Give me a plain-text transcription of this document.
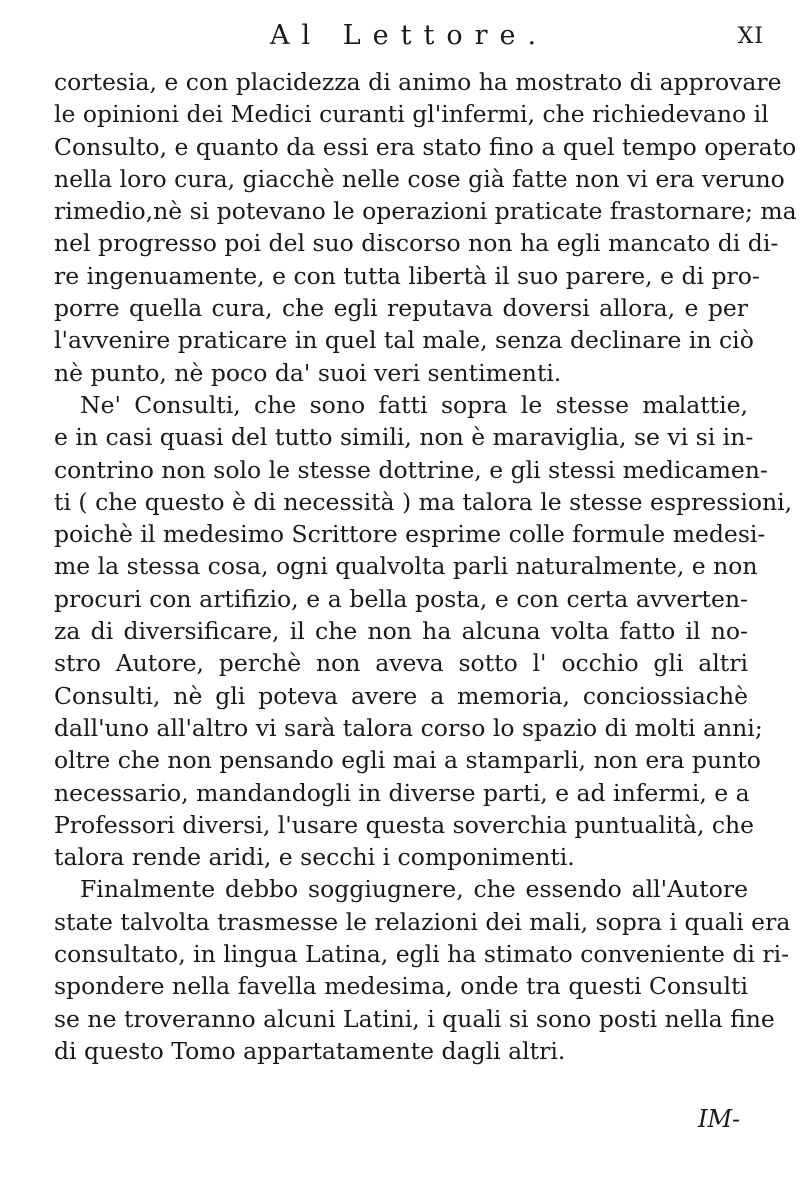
Al Lettore.	XI
cortesia, e con placidezza di animo ha mostrato di approvare
le opinioni dei Medici curanti gl'infermi, che richiedevano il
Consulto, e quanto da essi era stato fino a quel tempo operato
nella loro cura, giacchè nelle cose già fatte non vi era veruno
rimedio,nè si potevano le operazioni praticate frastornare; ma
nel progresso poi del suo discorso non ha egli mancato di di-
re ingenuamente, e con tutta libertà il suo parere, e di pro-
porre quella cura, che egli reputava doversi allora, e per
l'avvenire praticare in quel tal male, senza declinare in ciò
nè punto, nè poco da' suoi veri sentimenti.
Ne' Consulti, che sono fatti sopra le stesse malattie,
e in casi quasi del tutto simili, non è maraviglia, se vi si in-
contrino non solo le stesse dottrine, e gli stessi medicamen-
ti ( che questo è di necessità ) ma talora le stesse espressioni,
poichè il medesimo Scrittore esprime colle formule medesi-
me la stessa cosa, ogni qualvolta parli naturalmente, e non
procuri con artifizio, e a bella posta, e con certa avverten-
za di diversificare, il che non ha alcuna volta fatto il no-
stro Autore, perchè non aveva sotto l' occhio gli altri
Consulti, nè gli poteva avere a memoria, conciossiachè
dall'uno all'altro vi sarà talora corso lo spazio di molti anni;
oltre che non pensando egli mai a stamparli, non era punto
necessario, mandandogli in diverse parti, e ad infermi, e a
Professori diversi, l'usare questa soverchia puntualità, che
talora rende aridi, e secchi i componimenti.
Finalmente debbo soggiugnere, che essendo all'Autore
state talvolta trasmesse le relazioni dei mali, sopra i quali era
consultato, in lingua Latina, egli ha stimato conveniente di ri-
spondere nella favella medesima, onde tra questi Consulti
se ne troveranno alcuni Latini, i quali si sono posti nella fine
di questo Tomo appartatamente dagli altri.
IM-
